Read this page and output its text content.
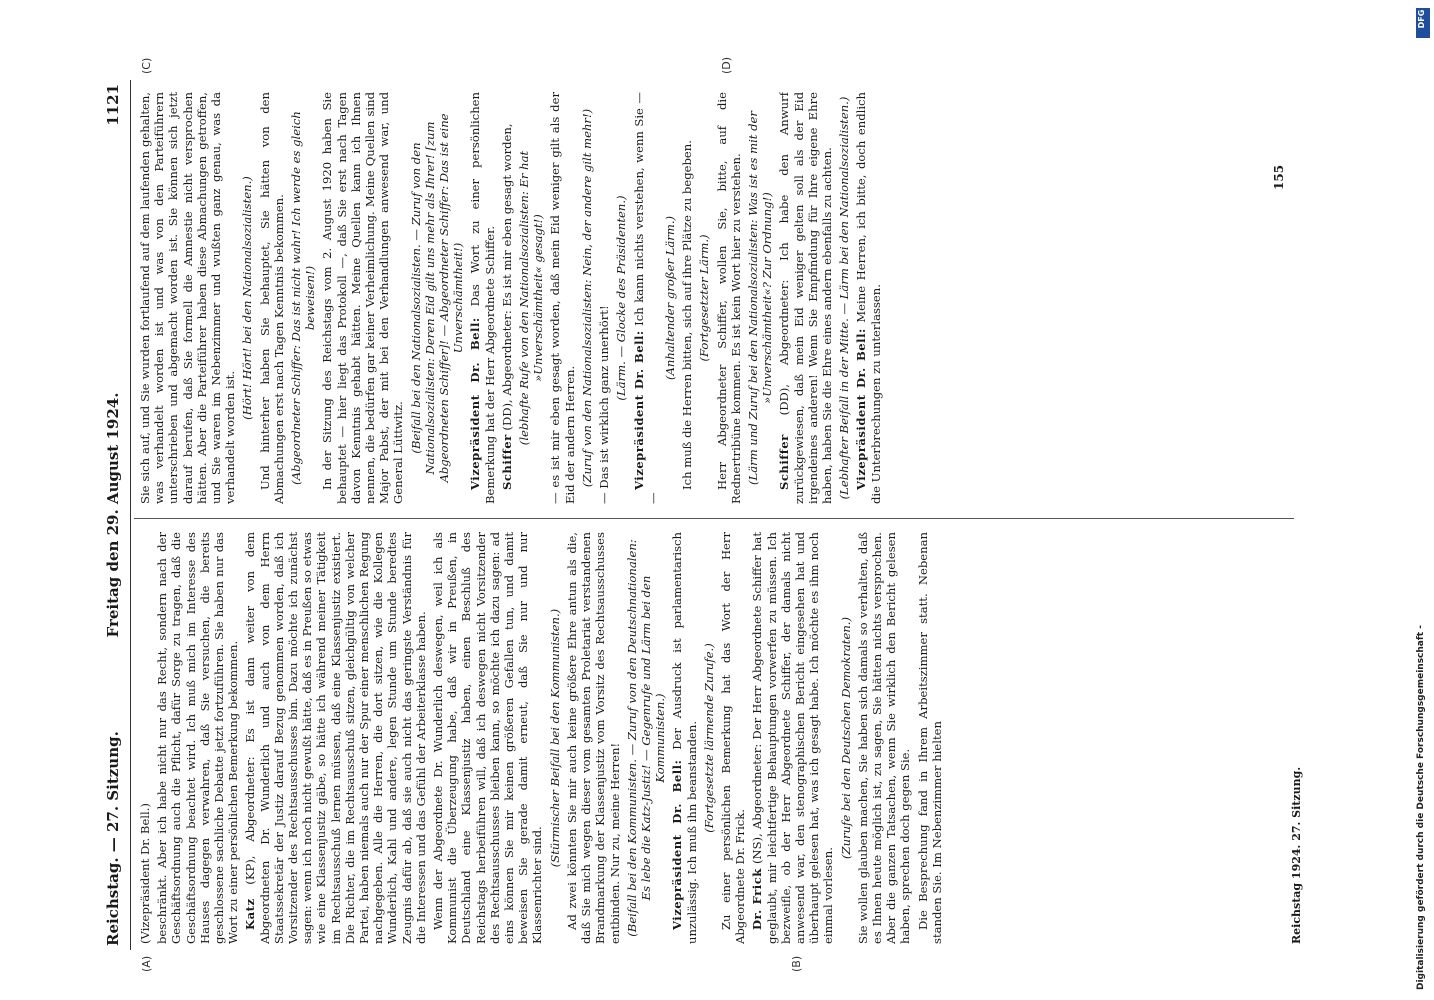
Reichstag. — 27. Sitzung.
Freitag den 29. August 1924.
1121
(A)	(B)
(C)	(D)

(Vizepräsident Dr. Bell.) beschränkt. Aber ich habe nicht nur das Recht, sondern nach der Geschäftsordnung auch die Pflicht, dafür Sorge zu tragen, daß die Geschäftsordnung beachtet wird. Ich muß mich im Interesse des Hauses dagegen verwahren, daß Sie versuchen, die bereits geschlossene sachliche Debatte jetzt fortzuführen. Sie haben nur das Wort zu einer persönlichen Bemerkung bekommen. Katz (KP), Abgeordneter: Es ist dann weiter von dem Abgeordneten Dr. Wunderlich und auch von dem Herrn Staatssekretär der Justiz darauf Bezug genommen worden, daß ich Vorsitzender des Rechtsausschusses bin. Dazu möchte ich zunächst sagen: wenn ich noch nicht gewußt hätte, daß es in Preußen so etwas wie eine Klassenjustiz gäbe, so hätte ich während meiner Tätigkeit im Rechtsausschuß lernen müssen, daß eine Klassenjustiz existiert. Die Richter, die im Rechtsausschuß sitzen, gleichgültig von welcher Partei, haben niemals auch nur der Spur einer menschlichen Regung nachgegeben. Alle die Herren, die dort sitzen, wie die Kollegen Wunderlich, Kahl und andere, legen Stunde um Stunde beredtes Zeugnis dafür ab, daß sie auch nicht das geringste Verständnis für die Interessen und das Gefühl der Arbeiterklasse haben. Wenn der Abgeordnete Dr. Wunderlich deswegen, weil ich als Kommunist die Überzeugung habe, daß wir in Preußen, in Deutschland eine Klassenjustiz haben, einen Beschluß des Reichstags herbeiführen will, daß ich deswegen nicht Vorsitzender des Rechtsausschusses bleiben kann, so möchte ich dazu sagen: ad eins können Sie mir keinen größeren Gefallen tun, und damit beweisen Sie gerade damit erneut, daß Sie nur und nur Klassenrichter sind.

(Stürmischer Beifall bei den Kommunisten.) Ad zwei könnten Sie mir auch keine größere Ehre antun als die, daß Sie mich wegen dieser vom gesamten Proletariat verstandenen Brandmarkung der Klassenjustiz vom Vorsitz des Rechtsausschusses entbinden. Nur zu, meine Herren! (Beifall bei den Kommunisten. — Zuruf von den Deutschnationalen: Es lebe die Katz-Justiz! — Gegenrufe und Lärm bei den Kommunisten.)

Vizepräsident Dr. Bell: Der Ausdruck ist parlamentarisch unzulässig. Ich muß ihn beanstanden. (Fortgesetzte lärmende Zurufe.) Zu einer persönlichen Bemerkung hat das Wort der Herr Abgeordnete Dr. Frick. Dr. Frick (NS), Abgeordneter: Der Herr Abgeordnete Schiffer hat geglaubt, mir leichtfertige Behauptungen vorwerfen zu müssen. Ich bezweifle, ob der Herr Abgeordnete Schiffer, der damals nicht anwesend war, den stenographischen Bericht eingesehen hat und überhaupt gelesen hat, was ich gesagt habe. Ich möchte es ihm noch einmal vorlesen.

(Zurufe bei den Deutschen Demokraten.) Sie wollen glauben machen, Sie haben sich damals so verhalten, daß es Ihnen heute möglich ist, zu sagen, Sie hätten nichts versprochen. Aber die ganzen Tatsachen, wenn Sie wirklich den Bericht gelesen haben, sprechen doch gegen Sie. Die Besprechung fand in Ihrem Arbeitszimmer statt. Nebenan standen Sie. Im Nebenzimmer hielten

Sie sich auf, und Sie wurden fortlaufend auf dem laufenden gehalten, was verhandelt worden ist und was von den Parteiführern unterschrieben und abgemacht worden ist. Sie können sich jetzt darauf berufen, daß Sie formell die Amnestie nicht versprochen hätten. Aber die Parteiführer haben diese Abmachungen getroffen, und Sie waren im Nebenzimmer und wußten ganz genau, was da verhandelt worden ist.

(Hört! Hört! bei den Nationalsozialisten.) Und hinterher haben Sie behauptet, Sie hätten von den Abmachungen erst nach Tagen Kenntnis bekommen. (Abgeordneter Schiffer: Das ist nicht wahr! Ich werde es gleich beweisen!) In der Sitzung des Reichstags vom 2. August 1920 haben Sie behauptet — hier liegt das Protokoll —, daß Sie erst nach Tagen davon Kenntnis gehabt hätten. Meine Quellen kann ich Ihnen nennen, die bedürfen gar keiner Verheimlichung. Meine Quellen sind Major Pabst, der mit bei den Verhandlungen anwesend war, und General Lüttwitz. (Beifall bei den Nationalsozialisten. — Zuruf von den Nationalsozialisten: Deren Eid gilt uns mehr als Ihrer! [zum Abgeordneten Schiffer]! — Abgeordneter Schiffer: Das ist eine Unverschämtheit!)

Vizepräsident Dr. Bell: Das Wort zu einer persönlichen Bemerkung hat der Herr Abgeordnete Schiffer. Schiffer (DD), Abgeordneter: Es ist mir eben gesagt worden, (lebhafte Rufe von den Nationalsozialisten: Er hat »Unverschämtheit« gesagt!) — es ist mir eben gesagt worden, daß mein Eid weniger gilt als der Eid der andern Herren. (Zuruf von den Nationalsozialisten: Nein, der andere gilt mehr!) — Das ist wirklich ganz unerhört!

(Lärm. — Glocke des Präsidenten.)

Vizepräsident Dr. Bell: Ich kann nichts verstehen, wenn Sie — —

(Anhaltender großer Lärm.) Ich muß die Herren bitten, sich auf ihre Plätze zu begeben. (Fortgesetzter Lärm.) Herr Abgeordneter Schiffer, wollen Sie, bitte, auf die Rednertribüne kommen. Es ist kein Wort hier zu verstehen. (Lärm und Zuruf bei den Nationalsozialisten: Was ist es mit der »Unverschämtheit«? Zur Ordnung!)

Schiffer (DD), Abgeordneter: Ich habe den Anwurf zurückgewiesen, daß mein Eid weniger gelten soll als der Eid irgendeines anderen! Wenn Sie Empfindung für Ihre eigene Ehre haben, haben Sie die Ehre eines andern ebenfalls zu achten. (Lebhafter Beifall in der Mitte. — Lärm bei den Nationalsozialisten.) Vizepräsident Dr. Bell: Meine Herren, ich bitte, doch endlich die Unterbrechungen zu unterlassen.

155
Reichstag 1924. 27. Sitzung.
DFG
Digitalisierung gefördert durch die Deutsche Forschungsgemeinschaft -
